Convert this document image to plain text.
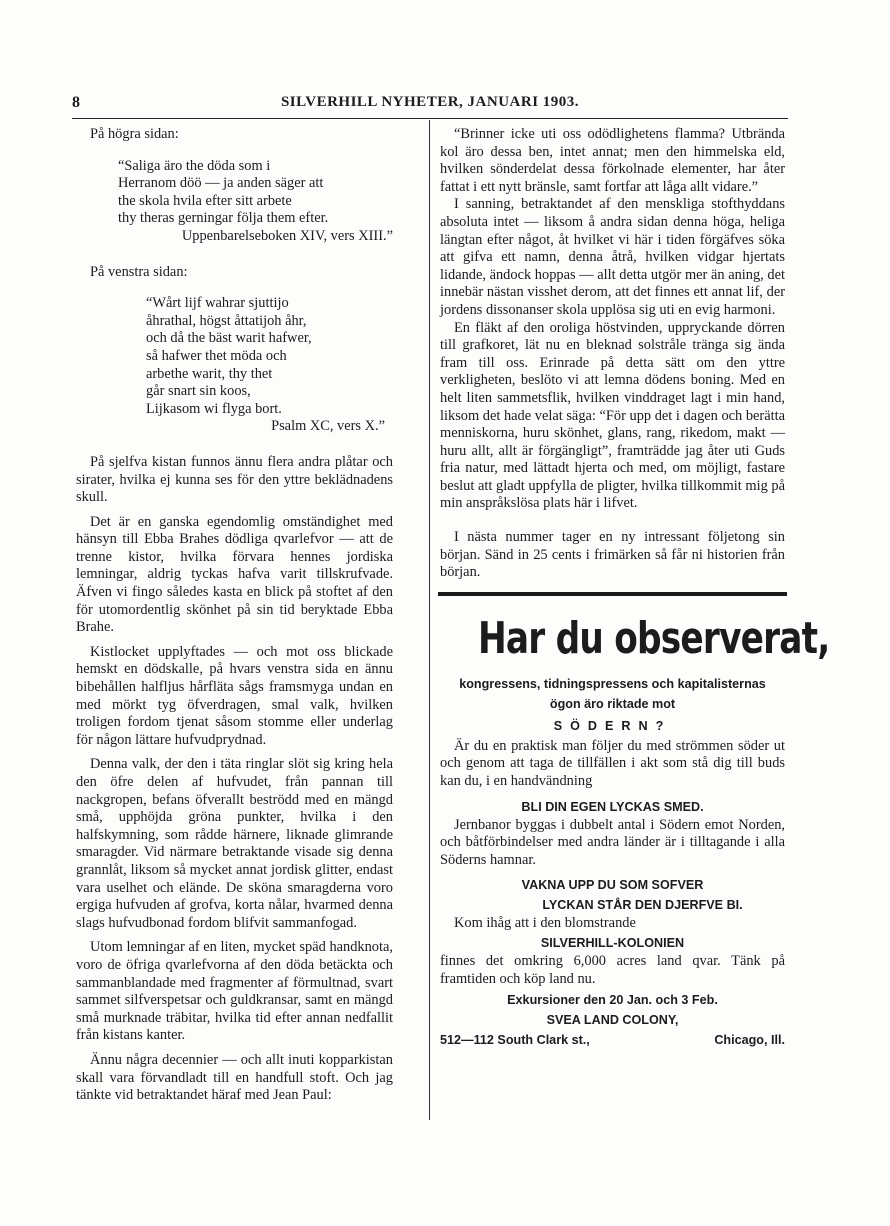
8	SILVERHILL NYHETER, JANUARI 1903.

På högra sidan:

“Saliga äro the döda som i
Herranom döö — ja anden säger att
the skola hvila efter sitt arbete
thy theras gerningar följa them efter.

Uppenbarelseboken XIV, vers XIII.”

På venstra sidan:

“Wårt lijf wahrar sjuttijo
åhrathal, högst åttatijoh åhr,
och då the bäst warit hafwer,
så hafwer thet möda och
arbethe warit, thy thet
går snart sin koos,
Lijkasom wi flyga bort.

Psalm XC, vers X.”

På sjelfva kistan funnos ännu flera andra plåtar och sirater, hvilka ej kunna ses för den yttre beklädnadens skull.

Det är en ganska egendomlig omständighet med hänsyn till Ebba Brahes dödliga qvarlefvor — att de trenne kistor, hvilka förvara hennes jordiska lemningar, aldrig tyckas hafva varit tillskrufvade. Äfven vi fingo således kasta en blick på stoftet af den för utomordentlig skönhet på sin tid beryktade Ebba Brahe.

Kistlocket upplyftades — och mot oss blickade hemskt en dödskalle, på hvars venstra sida en ännu bibehållen halfljus hårfläta sågs framsmyga undan en med mörkt tyg öfverdragen, smal valk, hvilken troligen fordom tjenat såsom stomme eller underlag för någon lättare hufvudprydnad.

Denna valk, der den i täta ringlar slöt sig kring hela den öfre delen af hufvudet, från pannan till nackgropen, befans öfverallt beströdd med en mängd små, upphöjda gröna punkter, hvilka i den halfskymning, som rådde härnere, liknade glimrande smaragder. Vid närmare betraktande visade sig denna grannlåt, liksom så mycket annat jordisk glitter, endast vara uselhet och elände. De sköna smaragderna voro ergiga hufvuden af grofva, korta nålar, hvarmed denna slags hufvudbonad fordom blifvit sammanfogad.

Utom lemningar af en liten, mycket späd handknota, voro de öfriga qvarlefvorna af den döda betäckta och sammanblandade med fragmenter af förmultnad, svart sammet silfverspetsar och guldkransar, samt en mängd små murknade träbitar, hvilka tid efter annan nedfallit från kistans kanter.

Ännu några decennier — och allt inuti kopparkistan skall vara förvandladt till en handfull stoft. Och jag tänkte vid betraktandet häraf med Jean Paul:

“Brinner icke uti oss odödlighetens flamma? Utbrända kol äro dessa ben, intet annat; men den himmelska eld, hvilken sönderdelat dessa förkolnade elementer, har åter fattat i ett nytt bränsle, samt fortfar att låga allt vidare.”

I sanning, betraktandet af den menskliga stofthyddans absoluta intet — liksom å andra sidan denna höga, heliga längtan efter något, åt hvilket vi här i tiden förgäfves söka att gifva ett namn, denna åtrå, hvilken vidgar hjertats lidande, ändock hoppas — allt detta utgör mer än aning, det innebär nästan visshet derom, att det finnes ett annat lif, der jordens dissonanser skola upplösa sig uti en evig harmoni.

En fläkt af den oroliga höstvinden, uppryckande dörren till grafkoret, lät nu en bleknad solstråle tränga sig ända fram till oss. Erinrade på detta sätt om den yttre verkligheten, beslöto vi att lemna dödens boning. Med en helt liten sammetsflik, hvilken vinddraget lagt i min hand, liksom det hade velat säga: “För upp det i dagen och berätta menniskorna, huru skönhet, glans, rang, rikedom, makt — huru allt, allt är förgängligt”, framträdde jag åter uti Guds fria natur, med lättadt hjerta och med, om möjligt, fastare beslut att gladt uppfylla de pligter, hvilka tillkommit mig på min anspråkslösa plats här i lifvet.

I nästa nummer tager en ny intressant följetong sin början. Sänd in 25 cents i frimärken så får ni historien från början.

Har du observerat,
kongressens, tidningspressens och kapitalisternas
ögon äro riktade mot
SÖDERN?

Är du en praktisk man följer du med strömmen söder ut och genom att taga de tillfällen i akt som stå dig till buds kan du, i en handvändning

BLI DIN EGEN LYCKAS SMED.

Jernbanor byggas i dubbelt antal i Södern emot Norden, och båtförbindelser med andra länder är i tilltagande i alla Söderns hamnar.

VAKNA UPP DU SOM SOFVER
LYCKAN STÅR DEN DJERFVE BI.

Kom ihåg att i den blomstrande

SILVERHILL-KOLONIEN

finnes det omkring 6,000 acres land qvar. Tänk på framtiden och köp land nu.

Exkursioner den 20 Jan. och 3 Feb.
SVEA LAND COLONY,
512—112 South Clark st.,	Chicago, Ill.
